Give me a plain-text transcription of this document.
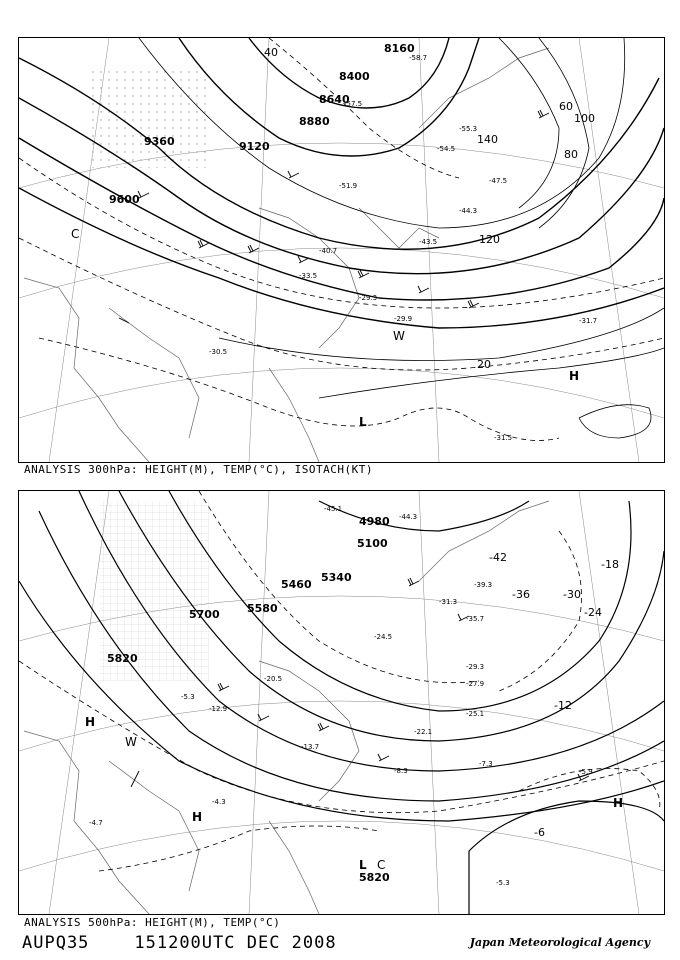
8160
8400
8640
8880
9120
9360
9600
40
60
80
100
120
140
20
-58.7
-57.5
-55.3
-54.5
-51.9
-47.5
-44.3
-43.5
-40.7
-33.5
-31.7
-30.5
-29.9
-29.3
-31.5
H
L
C
W
ANALYSIS 300hPa: HEIGHT(M), TEMP(°C), ISOTACH(KT)
4980
5100
5340
5460
5580
5700
5820
5820
-42
-36	-30
-24
-18
-12
-6
-45.1
-44.3
-39.3
-35.7
-31.3
-29.3
-27.9
-25.1
-24.5
-22.1
-20.5
-13.7
-12.9
-8.3
-7.3
-5.9
-5.3
-4.7
-4.3
-5.3
H
H
H
L
W
C
ANALYSIS 500hPa: HEIGHT(M), TEMP(°C)
AUPQ35	151200UTC DEC 2008	Japan Meteorological Agency
